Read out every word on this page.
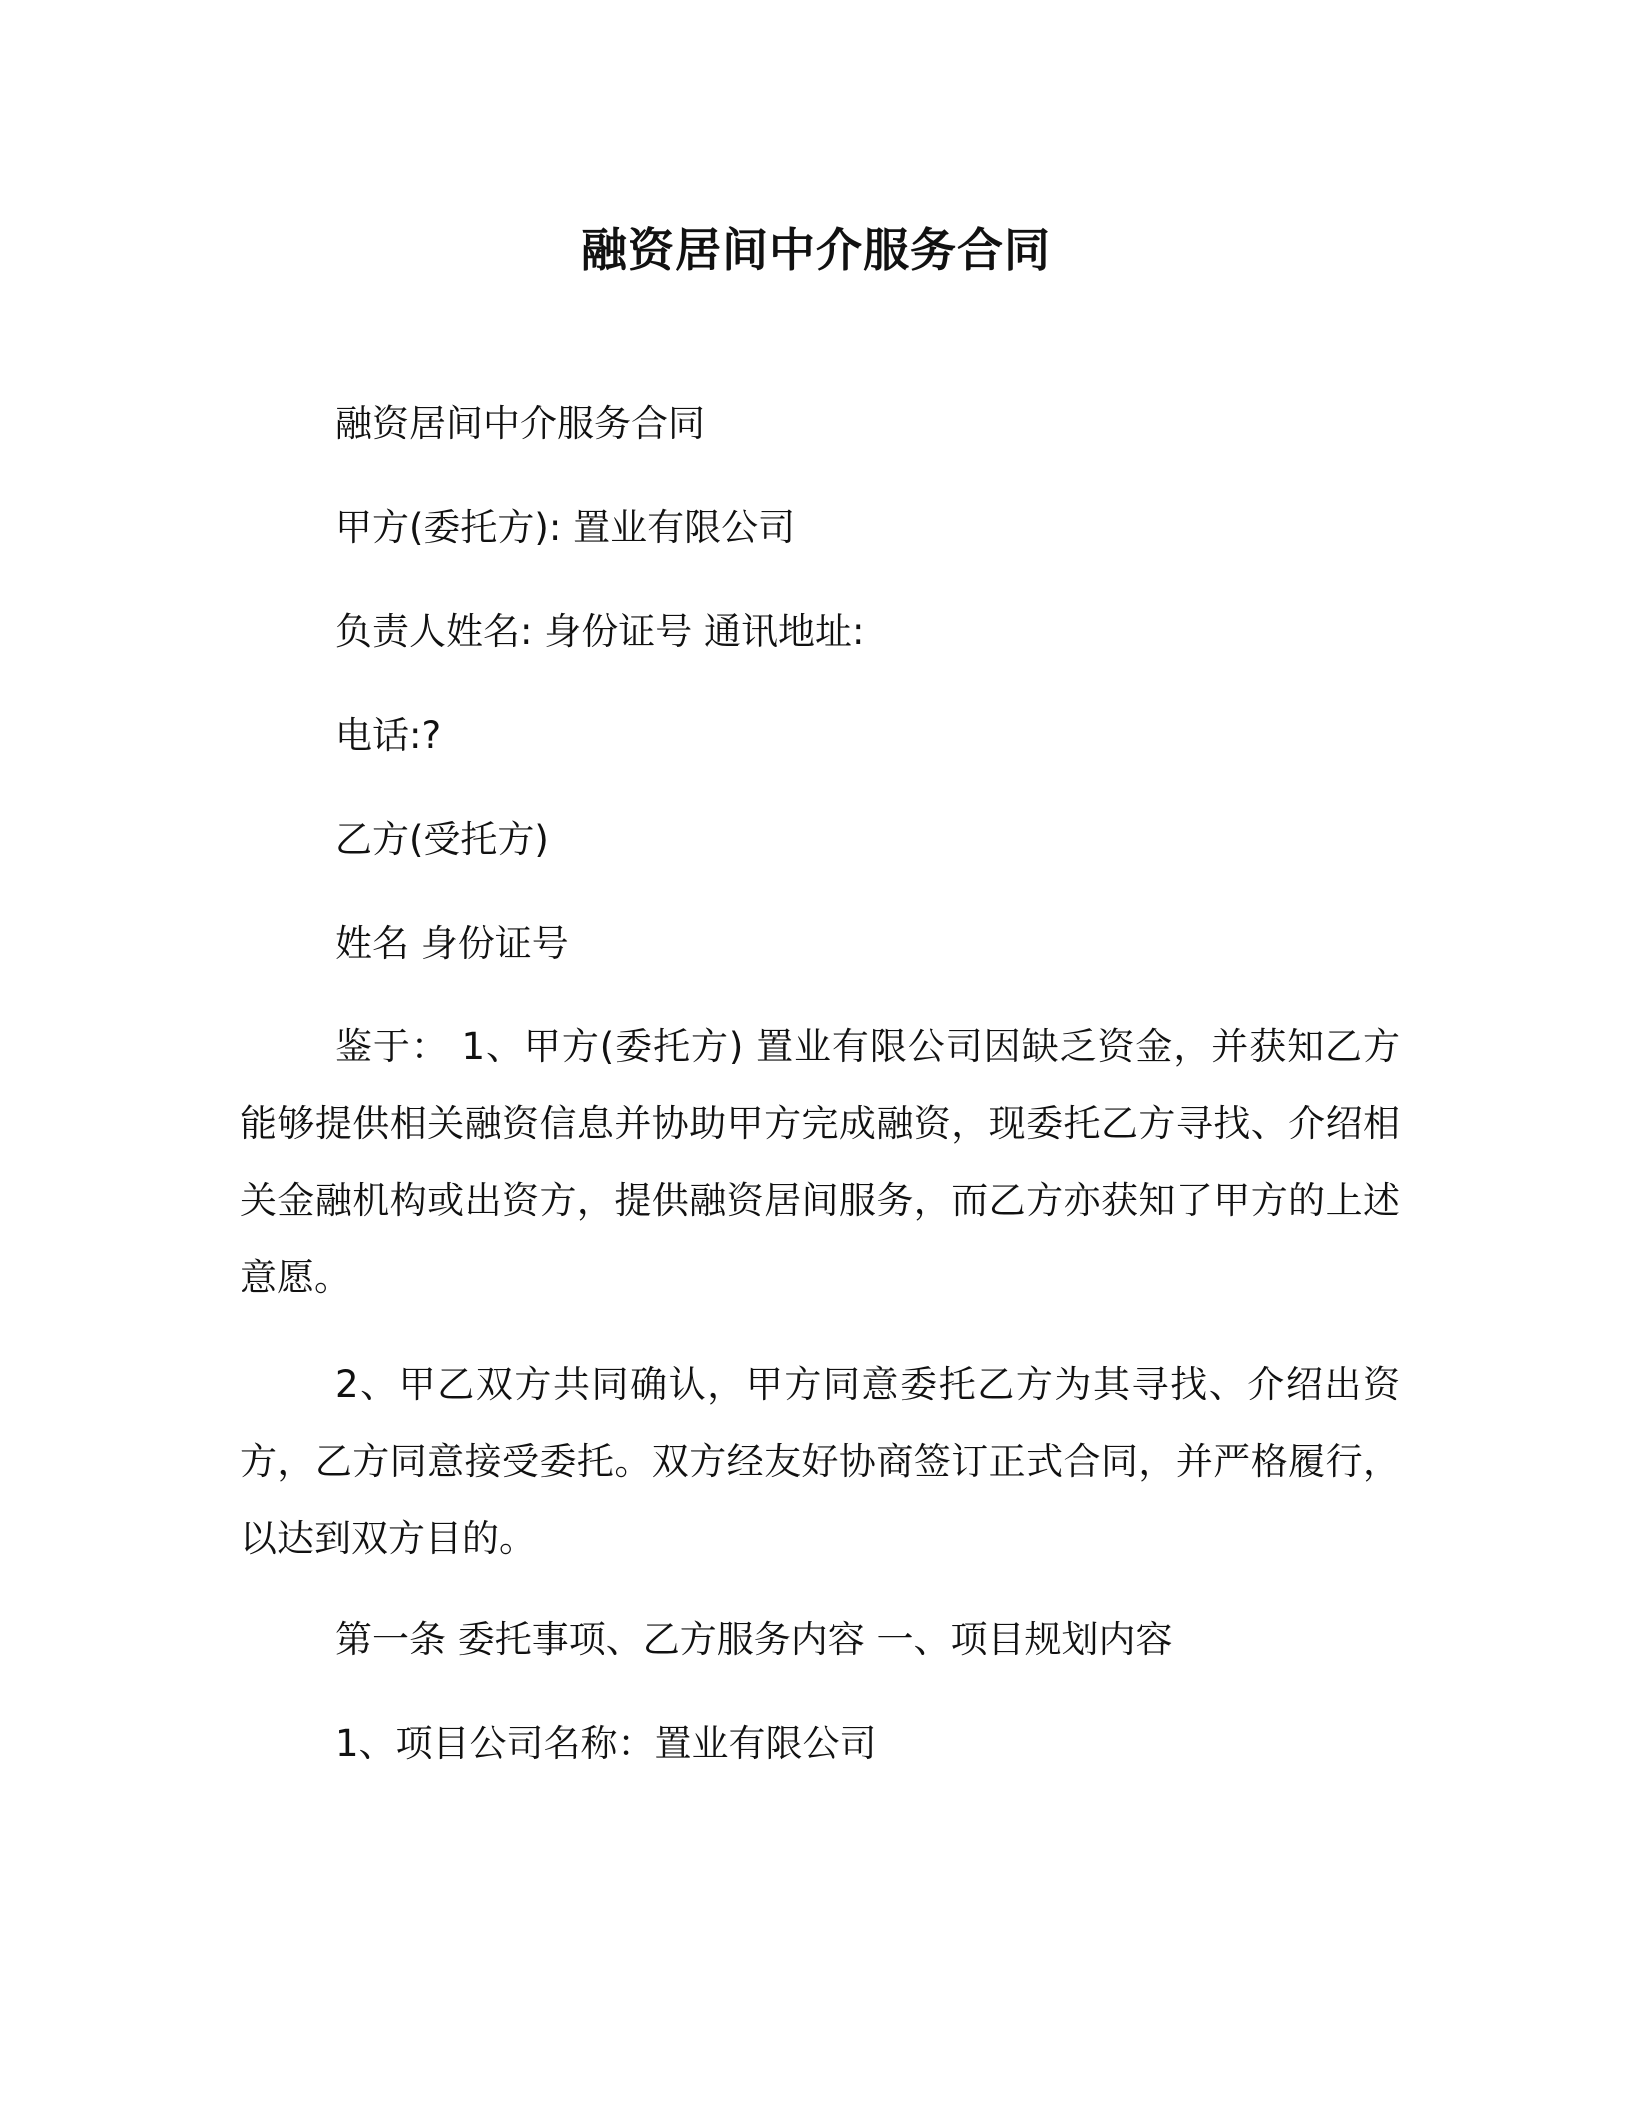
融资居间中介服务合同

融资居间中介服务合同

甲方(委托方): 置业有限公司

负责人姓名: 身份证号 通讯地址:

电话:?

乙方(受托方)

姓名 身份证号

鉴于： 1、甲方(委托方) 置业有限公司因缺乏资金，并获知乙方能够提供相关融资信息并协助甲方完成融资，现委托乙方寻找、介绍相关金融机构或出资方，提供融资居间服务，而乙方亦获知了甲方的上述意愿。

2、甲乙双方共同确认，甲方同意委托乙方为其寻找、介绍出资方，乙方同意接受委托。双方经友好协商签订正式合同，并严格履行，以达到双方目的。

第一条 委托事项、乙方服务内容 一、项目规划内容

1、项目公司名称：置业有限公司
